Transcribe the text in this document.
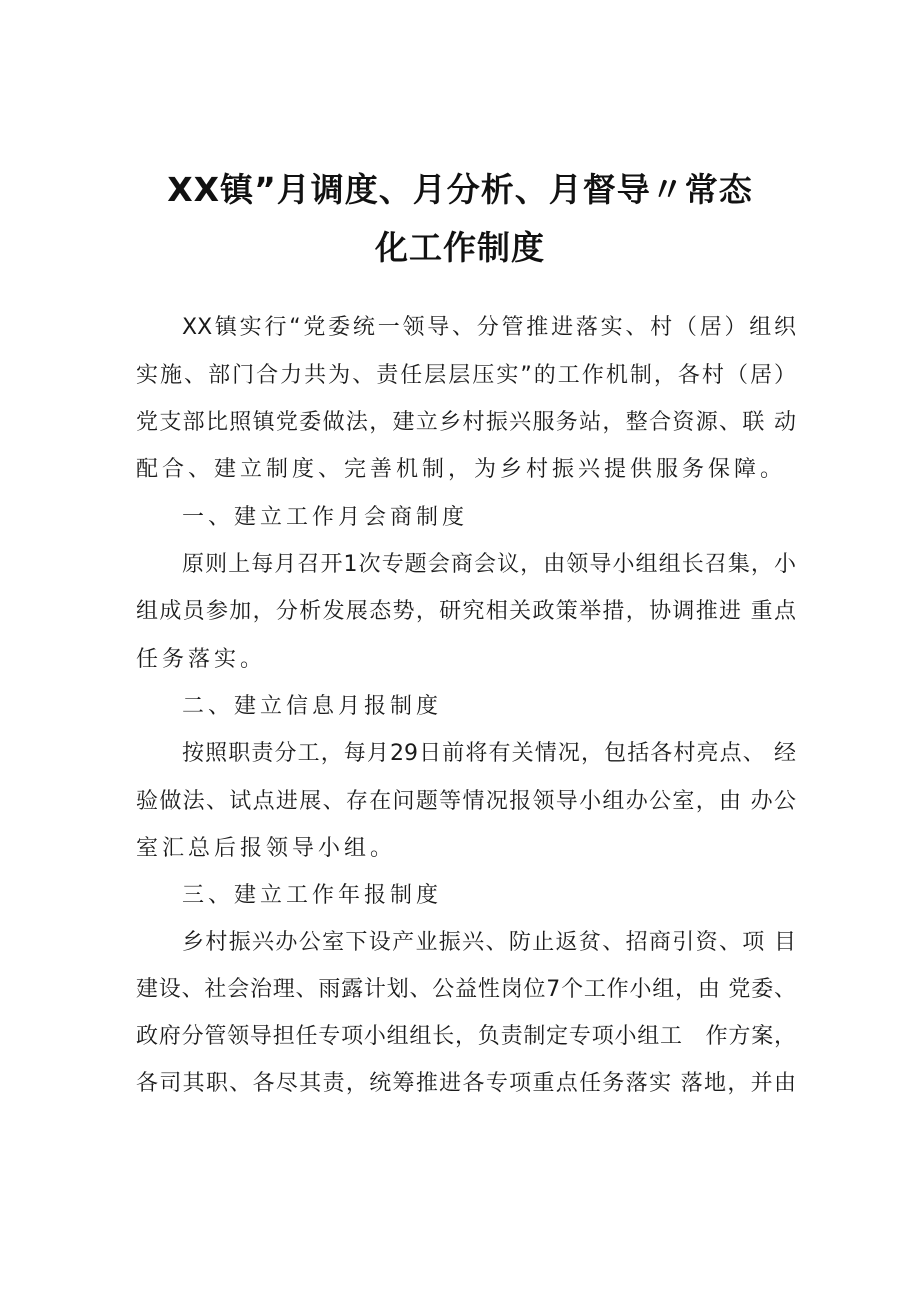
XX镇”月调度、月分析、月督导〃常态
化工作制度
XX镇实行“党委统一领导、分管推进落实、村（居）组织
实施、部门合力共为、责任层层压实”的工作机制，各村（居）
党支部比照镇党委做法，建立乡村振兴服务站，整合资源、联 动
配合、建立制度、完善机制，为乡村振兴提供服务保障。
一、建立工作月会商制度
原则上每月召开1次专题会商会议，由领导小组组长召集，小
组成员参加，分析发展态势，研究相关政策举措，协调推进 重点
任务落实。
二、建立信息月报制度
按照职责分工，每月29日前将有关情况，包括各村亮点、 经
验做法、试点进展、存在问题等情况报领导小组办公室，由 办公
室汇总后报领导小组。
三、建立工作年报制度
乡村振兴办公室下设产业振兴、防止返贫、招商引资、项 目
建设、社会治理、雨露计划、公益性岗位7个工作小组，由 党委、
政府分管领导担任专项小组组长，负责制定专项小组工　作方案，
各司其职、各尽其责，统筹推进各专项重点任务落实 落地，并由
